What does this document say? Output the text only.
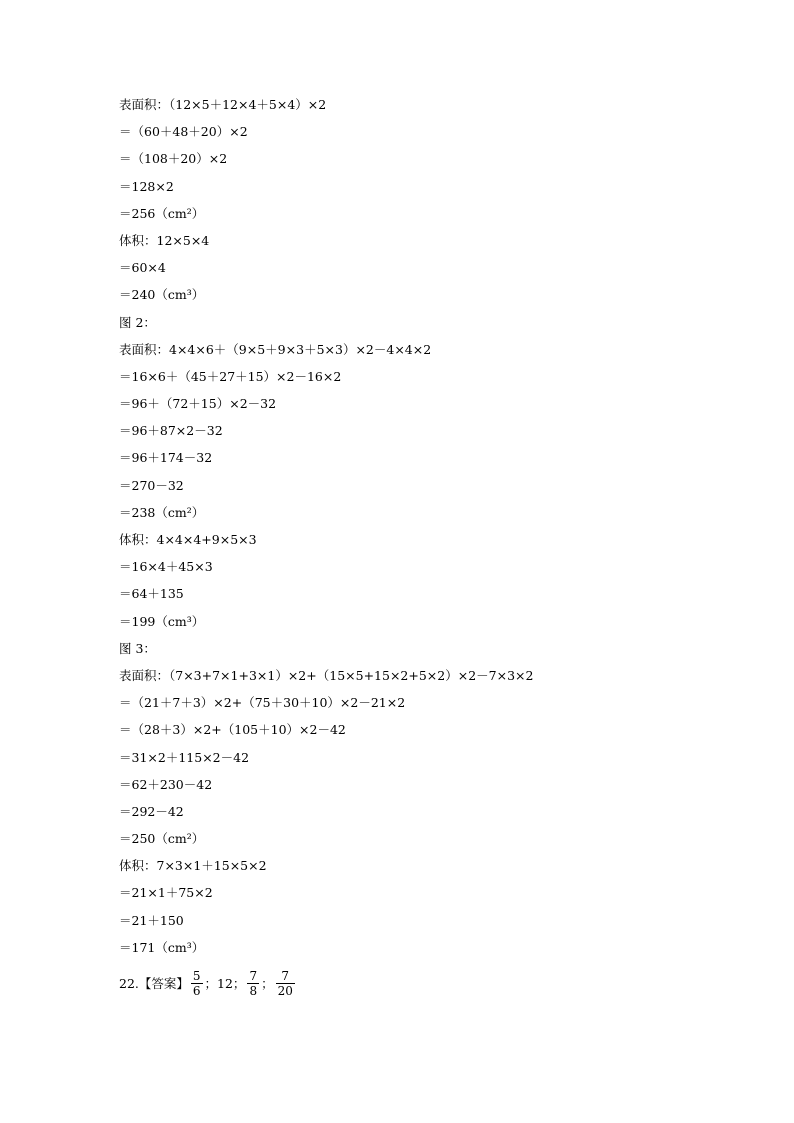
表面积：（12×5＋12×4＋5×4）×2
＝（60＋48＋20）×2
＝（108＋20）×2
＝128×2
＝256（cm²）
体积：12×5×4
＝60×4
＝240（cm³）
图 2：
表面积：4×4×6＋（9×5＋9×3＋5×3）×2－4×4×2
＝16×6＋（45＋27＋15）×2－16×2
＝96＋（72＋15）×2－32
＝96＋87×2－32
＝96＋174－32
＝270－32
＝238（cm²）
体积：4×4×4+9×5×3
＝16×4＋45×3
＝64＋135
＝199（cm³）
图 3：
表面积：（7×3+7×1+3×1）×2+（15×5+15×2+5×2）×2－7×3×2
＝（21＋7＋3）×2+（75＋30＋10）×2－21×2
＝（28＋3）×2+（105＋10）×2－42
＝31×2＋115×2－42
＝62＋230－42
＝292－42
＝250（cm²）
体积：7×3×1＋15×5×2
＝21×1＋75×2
＝21＋150
＝171（cm³）
22.【答案】 $\frac{5}{6}$ ；12； $\frac{7}{8}$ ； $\frac{7}{20}$
